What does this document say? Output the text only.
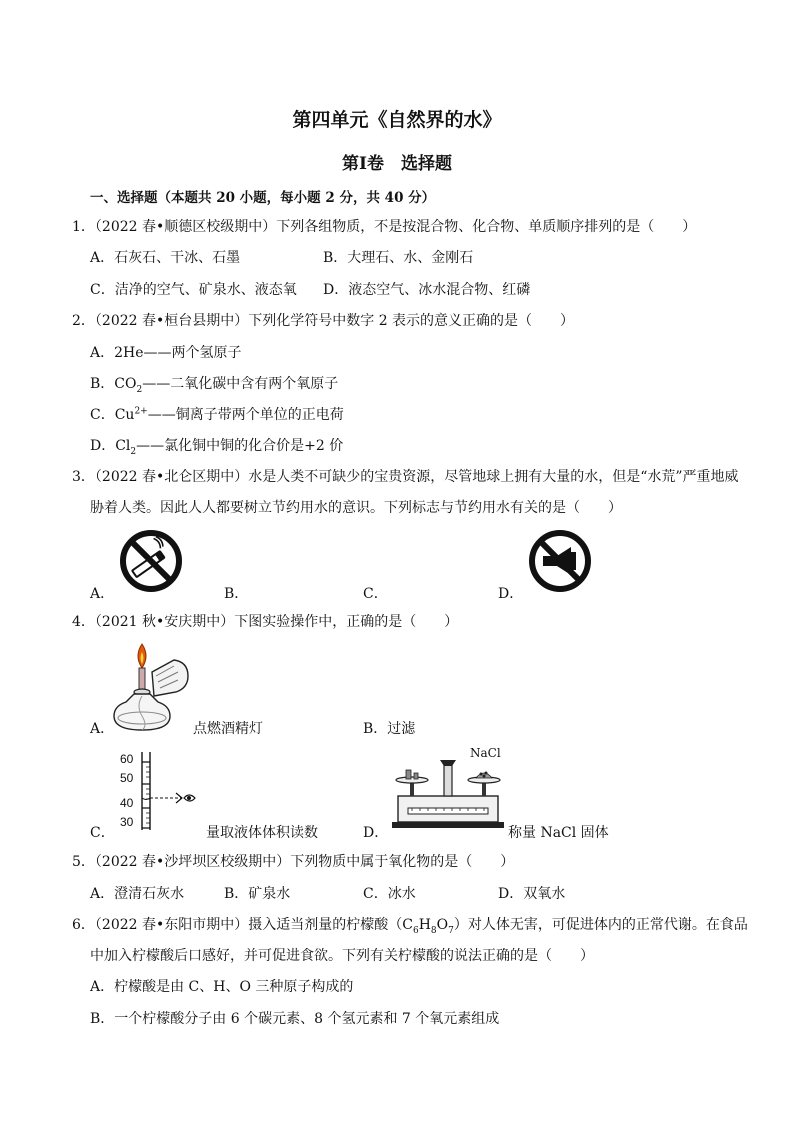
第四单元《自然界的水》
第Ⅰ卷　选择题
一、选择题（本题共 20 小题，每小题 2 分，共 40 分）
1．（2022 春•顺德区校级期中）下列各组物质，不是按混合物、化合物、单质顺序排列的是（　　）
A．石灰石、干冰、石墨	B．大理石、水、金刚石
C．洁净的空气、矿泉水、液态氧 D．液态空气、冰水混合物、红磷
2．（2022 春•桓台县期中）下列化学符号中数字 2 表示的意义正确的是（　　）
A．2He——两个氢原子
B．$CO_2——$二氧化碳中含有两个氧原子
C．$Cu^{2+}——$铜离子带两个单位的正电荷
D．$Cl_2——$氯化铜中铜的化合价是+2 价
3．（2022 春•北仑区期中）水是人类不可缺少的宝贵资源，尽管地球上拥有大量的水，但是“水荒”严重地威
胁着人类。因此人人都要树立节约用水的意识。下列标志与节约用水有关的是（　　）
A．	B．	C．	D．
4．（2021 秋•安庆期中）下图实验操作中，正确的是（　　）
A．	点燃酒精灯	B．过滤
60
50
40
30
C．	量取液体体积读数
NaCl
D．	称量 NaCl 固体
5．（2022 春•沙坪坝区校级期中）下列物质中属于氧化物的是（　　）
A．澄清石灰水	B．矿泉水	C．冰水	D．双氧水
6．（2022 春•东阳市期中）摄入适当剂量的柠檬酸$(C_6H_8O_7)$对人体无害，可促进体内的正常代谢。在食品
中加入柠檬酸后口感好，并可促进食欲。下列有关柠檬酸的说法正确的是（　　）
A．柠檬酸是由 C、H、O 三种原子构成的
B．一个柠檬酸分子由 6 个碳元素、8 个氢元素和 7 个氧元素组成
